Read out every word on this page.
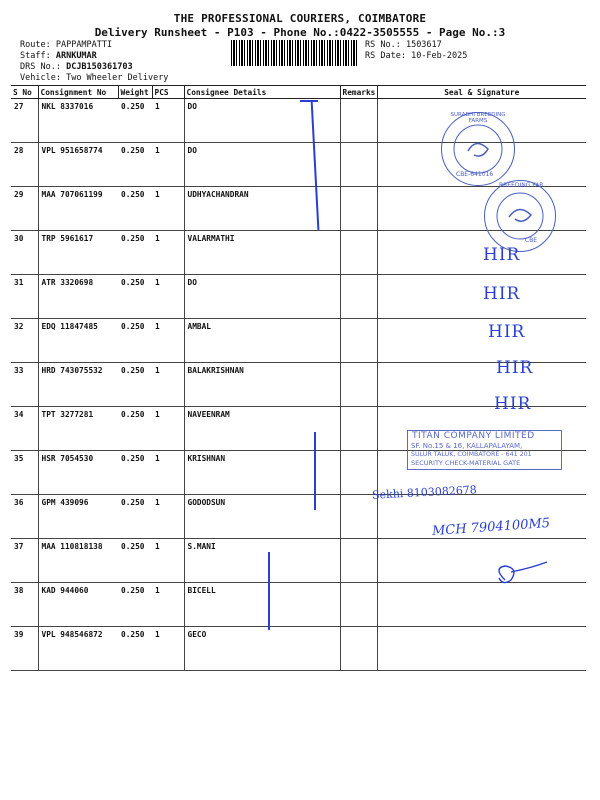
THE PROFESSIONAL COURIERS, COIMBATORE
Delivery Runsheet - P103 - Phone No.:0422-3505555 - Page No.:3
Route: PAPPAMPATTI
Staff: ARNKUMAR
DRS No.: DCJB150361703
Vehicle: Two Wheeler Delivery
RS No.: 1503617
RS Date: 10-Feb-2025
S No	Consignment No	Weight	PCS	Consignee Details	Remarks	Seal & Signature
27	NKL 8337016	0.250	1	DO		
28	VPL 951658774	0.250	1	DO		
29	MAA 707061199	0.250	1	UDHYACHANDRAN		
30	TRP 5961617	0.250	1	VALARMATHI		
31	ATR 3320698	0.250	1	DO		
32	EDQ 11847485	0.250	1	AMBAL		
33	HRD 743075532	0.250	1	BALAKRISHNAN		
34	TPT 3277281	0.250	1	NAVEENRAM		
35	HSR 7054530	0.250	1	KRISHNAN		
36	GPM 439096	0.250	1	GODODSUN		
37	MAA 110818138	0.250	1	S.MANI		
38	KAD 944060	0.250	1	BICELL		
39	VPL 948546872	0.250	1	GECO		
SURABHI BREEDING FARMS
CBE-641016
BREEDING FAR
CBE
HIR
HIR
HIR
HIR
HIR
TITAN COMPANY LIMITED
SF. No.15 & 16, KALLAPALAYAM,
SULUR TALUK, COIMBATORE - 641 201
SECURITY CHECK-MATERIAL GATE
Sekhi 8103082678
MCH 7904100M5
